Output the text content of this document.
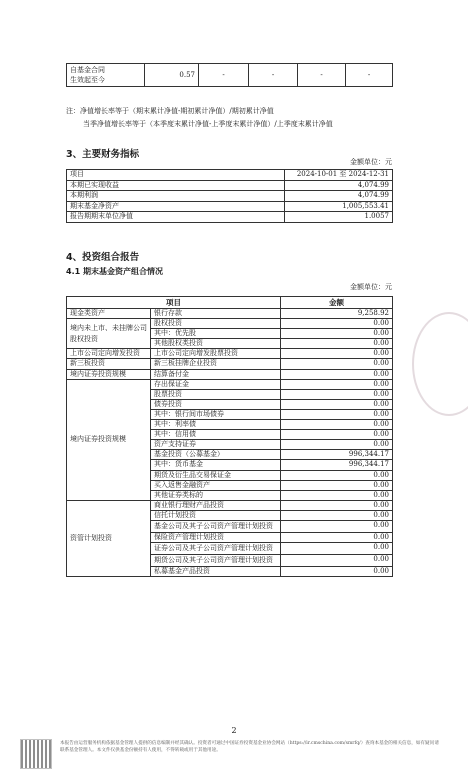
自基金合同
生效起至今	0.57	-	-	-	-
注：净值增长率等于（期末累计净值-期初累计净值）/期初累计净值
当季净值增长率等于（本季度末累计净值-上季度末累计净值）/上季度末累计净值
3、主要财务指标
金额单位：元
项目	2024-10-01 至 2024-12-31
本期已实现收益	4,074.99
本期利润	4,074.99
期末基金净资产	1,005,553.41
报告期期末单位净值	1.0057
4、投资组合报告
4.1 期末基金资产组合情况
金额单位：元
项目		金额
现金类资产	银行存款	9,258.92
境内未上市、未挂牌公司股权投资	股权投资	0.00
	其中：优先股	0.00
	其他股权类投资	0.00
上市公司定向增发投资	上市公司定向增发股票投资	0.00
新三板投资	新三板挂牌企业投资	0.00
境内证券投资规模	结算备付金	0.00
境内证券投资规模	存出保证金	0.00
	股票投资	0.00
	债券投资	0.00
	其中：银行间市场债券	0.00
	其中：利率债	0.00
	其中：信用债	0.00
	资产支持证券	0.00
	基金投资（公募基金）	996,344.17
	其中：货币基金	996,344.17
	期货及衍生品交易保证金	0.00
	买入返售金融资产	0.00
	其他证券类标的	0.00
资管计划投资	商业银行理财产品投资	0.00
	信托计划投资	0.00
	基金公司及其子公司资产管理计划投资	0.00
	保险资产管理计划投资	0.00
	证券公司及其子公司资产管理计划投资	0.00
	期货公司及其子公司资产管理计划投资	0.00
	私募基金产品投资	0.00
2
本报告由运营服务机构依据基金管理人提供的信息编制并经其确认。投资者可通过中国证券投资基金业协会网站（https://ir.cmschina.com/smrfq/）查询本基金的相关信息，如有疑问请联系基金管理人。本文件仅供基金份额持有人使用，不得转载或用于其他用途。
